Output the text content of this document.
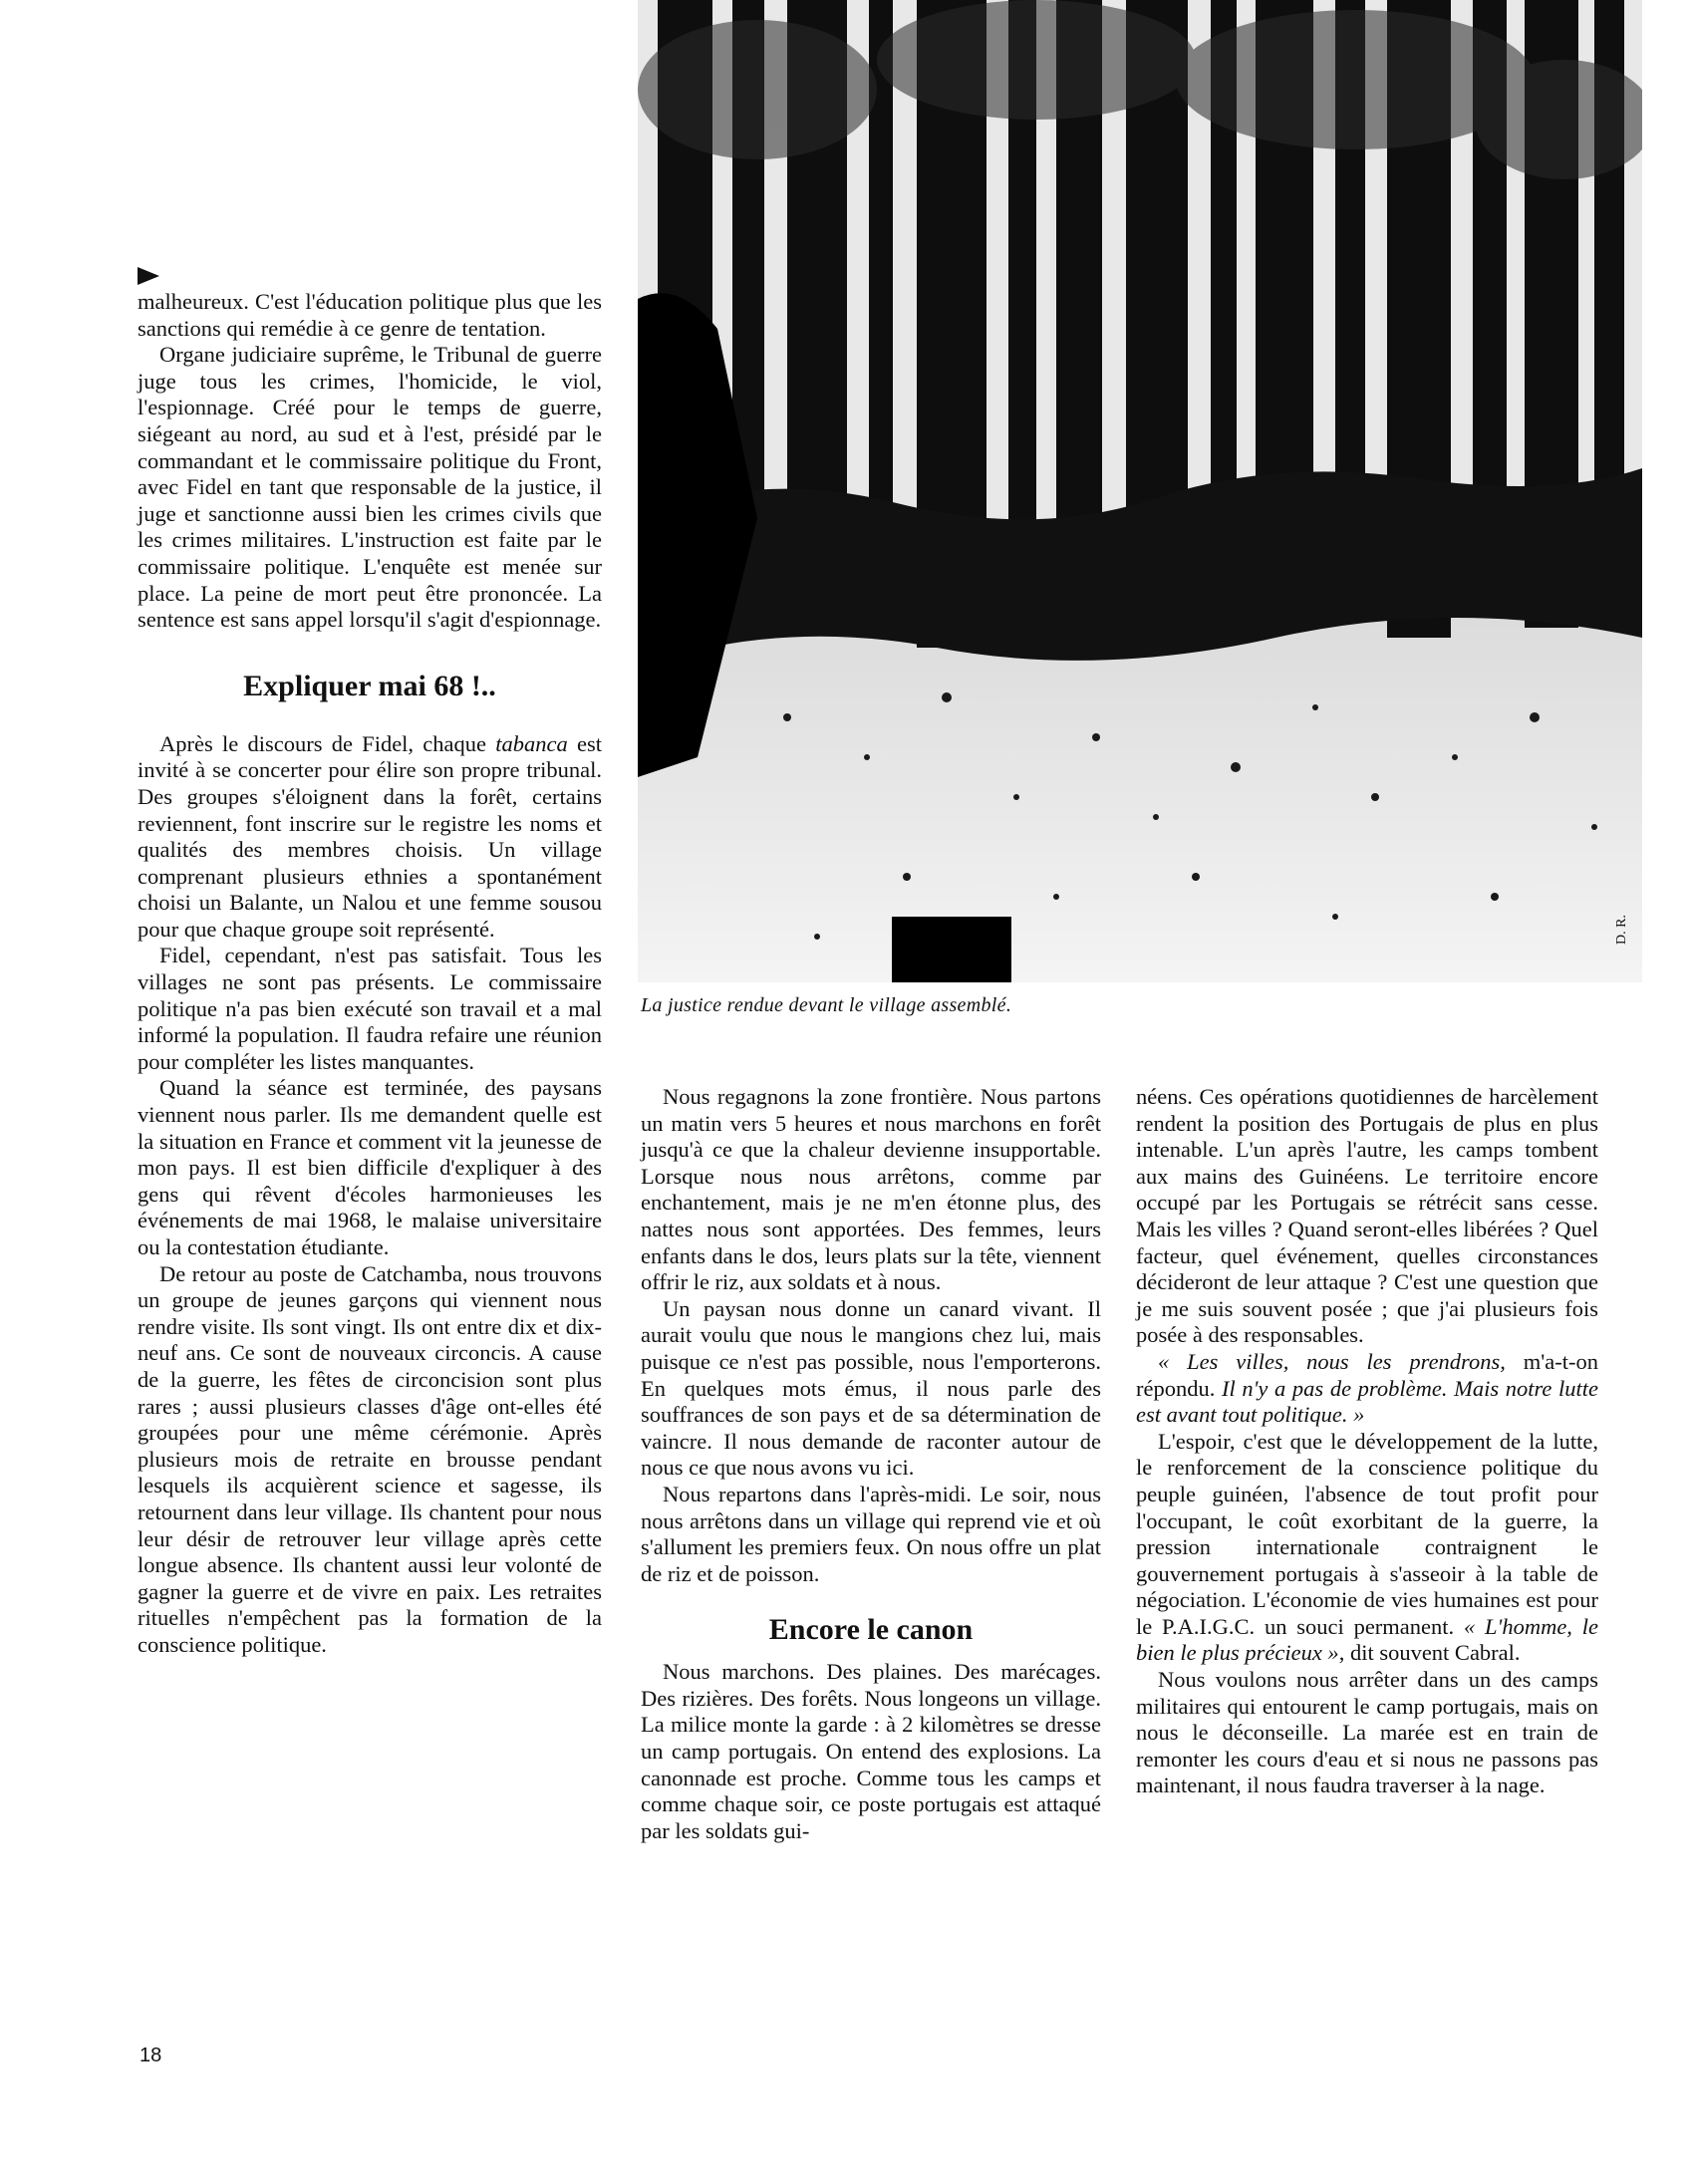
La justice rendue devant le village assemblé.
D. R.

malheureux. C'est l'éducation politique plus que les sanctions qui remédie à ce genre de tentation.

Organe judiciaire suprême, le Tribunal de guerre juge tous les crimes, l'homicide, le viol, l'espionnage. Créé pour le temps de guerre, siégeant au nord, au sud et à l'est, présidé par le commandant et le commissaire politique du Front, avec Fidel en tant que responsable de la justice, il juge et sanctionne aussi bien les crimes civils que les crimes militaires. L'instruction est faite par le commissaire politique. L'enquête est menée sur place. La peine de mort peut être prononcée. La sentence est sans appel lorsqu'il s'agit d'espionnage.

Expliquer mai 68 !..

Après le discours de Fidel, chaque tabanca est invité à se concerter pour élire son propre tribunal. Des groupes s'éloignent dans la forêt, certains reviennent, font inscrire sur le registre les noms et qualités des membres choisis. Un village comprenant plusieurs ethnies a spontanément choisi un Balante, un Nalou et une femme sousou pour que chaque groupe soit représenté.

Fidel, cependant, n'est pas satisfait. Tous les villages ne sont pas présents. Le commissaire politique n'a pas bien exécuté son travail et a mal informé la population. Il faudra refaire une réunion pour compléter les listes manquantes.

Quand la séance est terminée, des paysans viennent nous parler. Ils me demandent quelle est la situation en France et comment vit la jeunesse de mon pays. Il est bien difficile d'expliquer à des gens qui rêvent d'écoles harmonieuses les événements de mai 1968, le malaise universitaire ou la contestation étudiante.

De retour au poste de Catchamba, nous trouvons un groupe de jeunes garçons qui viennent nous rendre visite. Ils sont vingt. Ils ont entre dix et dix-neuf ans. Ce sont de nouveaux circoncis. A cause de la guerre, les fêtes de circoncision sont plus rares ; aussi plusieurs classes d'âge ont-elles été groupées pour une même cérémonie. Après plusieurs mois de retraite en brousse pendant lesquels ils acquièrent science et sagesse, ils retournent dans leur village. Ils chantent pour nous leur désir de retrouver leur village après cette longue absence. Ils chantent aussi leur volonté de gagner la guerre et de vivre en paix. Les retraites rituelles n'empêchent pas la formation de la conscience politique.

Nous regagnons la zone frontière. Nous partons un matin vers 5 heures et nous marchons en forêt jusqu'à ce que la chaleur devienne insupportable. Lorsque nous nous arrêtons, comme par enchantement, mais je ne m'en étonne plus, des nattes nous sont apportées. Des femmes, leurs enfants dans le dos, leurs plats sur la tête, viennent offrir le riz, aux soldats et à nous.

Un paysan nous donne un canard vivant. Il aurait voulu que nous le mangions chez lui, mais puisque ce n'est pas possible, nous l'emporterons. En quelques mots émus, il nous parle des souffrances de son pays et de sa détermination de vaincre. Il nous demande de raconter autour de nous ce que nous avons vu ici.

Nous repartons dans l'après-midi. Le soir, nous nous arrêtons dans un village qui reprend vie et où s'allument les premiers feux. On nous offre un plat de riz et de poisson.

Encore le canon

Nous marchons. Des plaines. Des marécages. Des rizières. Des forêts. Nous longeons un village. La milice monte la garde : à 2 kilomètres se dresse un camp portugais. On entend des explosions. La canonnade est proche. Comme tous les camps et comme chaque soir, ce poste portugais est attaqué par les soldats gui-

néens. Ces opérations quotidiennes de harcèlement rendent la position des Portugais de plus en plus intenable. L'un après l'autre, les camps tombent aux mains des Guinéens. Le territoire encore occupé par les Portugais se rétrécit sans cesse. Mais les villes ? Quand seront-elles libérées ? Quel facteur, quel événement, quelles circonstances décideront de leur attaque ? C'est une question que je me suis souvent posée ; que j'ai plusieurs fois posée à des responsables.

« Les villes, nous les prendrons, m'a-t-on répondu. Il n'y a pas de problème. Mais notre lutte est avant tout politique. »

L'espoir, c'est que le développement de la lutte, le renforcement de la conscience politique du peuple guinéen, l'absence de tout profit pour l'occupant, le coût exorbitant de la guerre, la pression internationale contraignent le gouvernement portugais à s'asseoir à la table de négociation. L'économie de vies humaines est pour le P.A.I.G.C. un souci permanent. « L'homme, le bien le plus précieux », dit souvent Cabral.

Nous voulons nous arrêter dans un des camps militaires qui entourent le camp portugais, mais on nous le déconseille. La marée est en train de remonter les cours d'eau et si nous ne passons pas maintenant, il nous faudra traverser à la nage.

18
